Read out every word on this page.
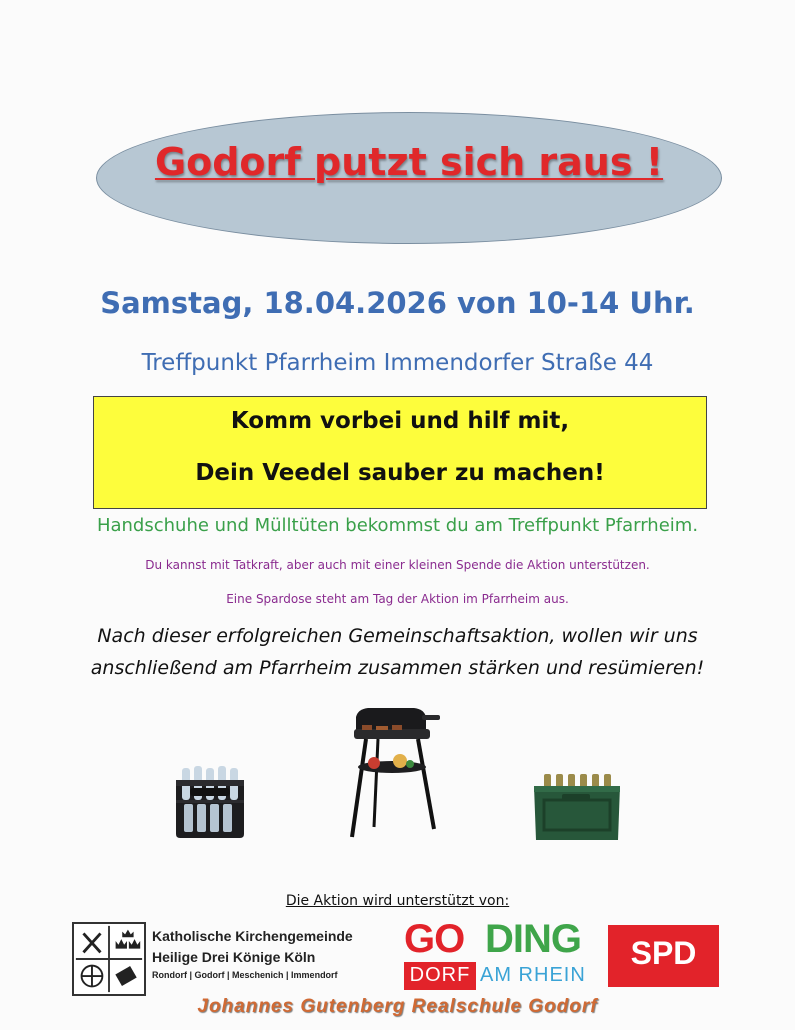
Godorf putzt sich raus !
Samstag, 18.04.2026 von 10-14 Uhr.
Treffpunkt Pfarrheim Immendorfer Straße 44
Komm vorbei und hilf mit,
Dein Veedel sauber zu machen!
Handschuhe und Mülltüten bekommst du am Treffpunkt Pfarrheim.
Du kannst mit Tatkraft, aber auch mit einer kleinen Spende die Aktion unterstützen.
Eine Spardose steht am Tag der Aktion im Pfarrheim aus.
Nach dieser erfolgreichen Gemeinschaftsaktion, wollen wir uns
anschließend am Pfarrheim zusammen stärken und resümieren!
Die Aktion wird unterstützt von:
Katholische Kirchengemeinde
Heilige Drei Könige Köln
Rondorf | Godorf | Meschenich | Immendorf
GO DING
DORF AM RHEIN
SPD
Johannes Gutenberg Realschule Godorf
